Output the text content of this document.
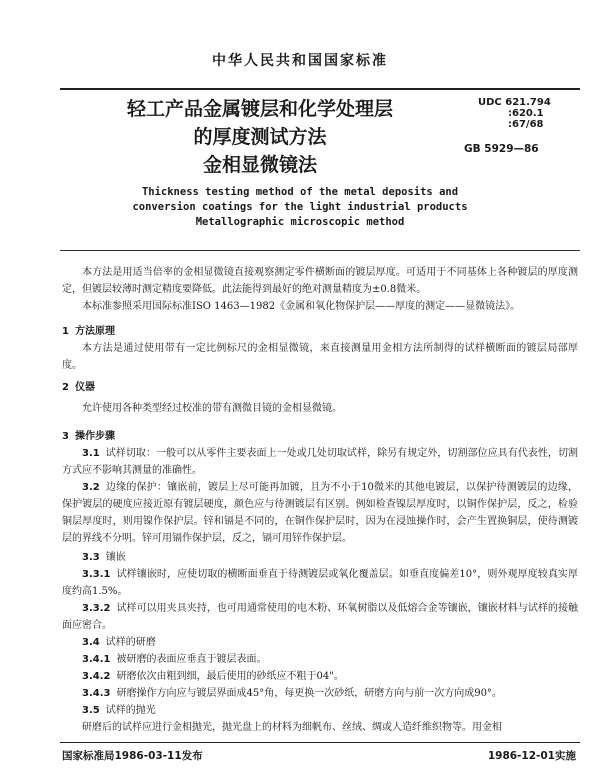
中华人民共和国国家标准
轻工产品金属镀层和化学处理层
的厚度测试方法
金相显微镜法
UDC 621.794
:620.1
:67/68
GB 5929—86
Thickness testing method of the metal deposits and
conversion coatings for the light industrial products
Metallographic microscopic method
本方法是用适当倍率的金相显微镜直接观察测定零件横断面的镀层厚度。可适用于不同基体上各种镀层的厚度测定，但镀层较薄时测定精度要降低。此法能得到最好的绝对测量精度为±0.8微米。
本标准参照采用国际标准ISO 1463—1982《金属和氧化物保护层——厚度的测定——显微镜法》。
1 方法原理
本方法是通过使用带有一定比例标尺的金相显微镜，来直接测量用金相方法所制得的试样横断面的镀层局部厚度。
2 仪器
允许使用各种类型经过校准的带有测微目镜的金相显微镜。
3 操作步骤
3.1 试样切取：一般可以从零件主要表面上一处或几处切取试样，除另有规定外，切割部位应具有代表性，切割方式应不影响其测量的准确性。
3.2 边缘的保护：镶嵌前，镀层上尽可能再加镀，且为不小于10微米的其他电镀层，以保护待测镀层的边缘，保护镀层的硬度应接近原有镀层硬度，颜色应与待测镀层有区别。例如检查镍层厚度时，以铜作保护层，反之，检验铜层厚度时，则用镍作保护层。锌和镉是不同的，在铜作保护层时，因为在浸蚀操作时，会产生置换铜层，使待测镀层的界线不分明。锌可用镉作保护层，反之，镉可用锌作保护层。
3.3 镶嵌
3.3.1 试样镶嵌时，应使切取的横断面垂直于待测镀层或氧化覆盖层。如垂直度偏差10°，则外观厚度较真实厚度约高1.5%。
3.3.2 试样可以用夹具夹持，也可用通常使用的电木粉、环氧树脂以及低熔合金等镶嵌，镶嵌材料与试样的接触面应密合。
3.4 试样的研磨
3.4.1 被研磨的表面应垂直于镀层表面。
3.4.2 研磨依次由粗到细，最后使用的砂纸应不粗于04"。
3.4.3 研磨操作方向应与镀层界面成45°角，每更换一次砂纸，研磨方向与前一次方向成90°。
3.5 试样的抛光
研磨后的试样应进行金相抛光，抛光盘上的材料为细帆布、丝绒、绸或人造纤维织物等。用金相
国家标准局1986-03-11发布	1986-12-01实施
